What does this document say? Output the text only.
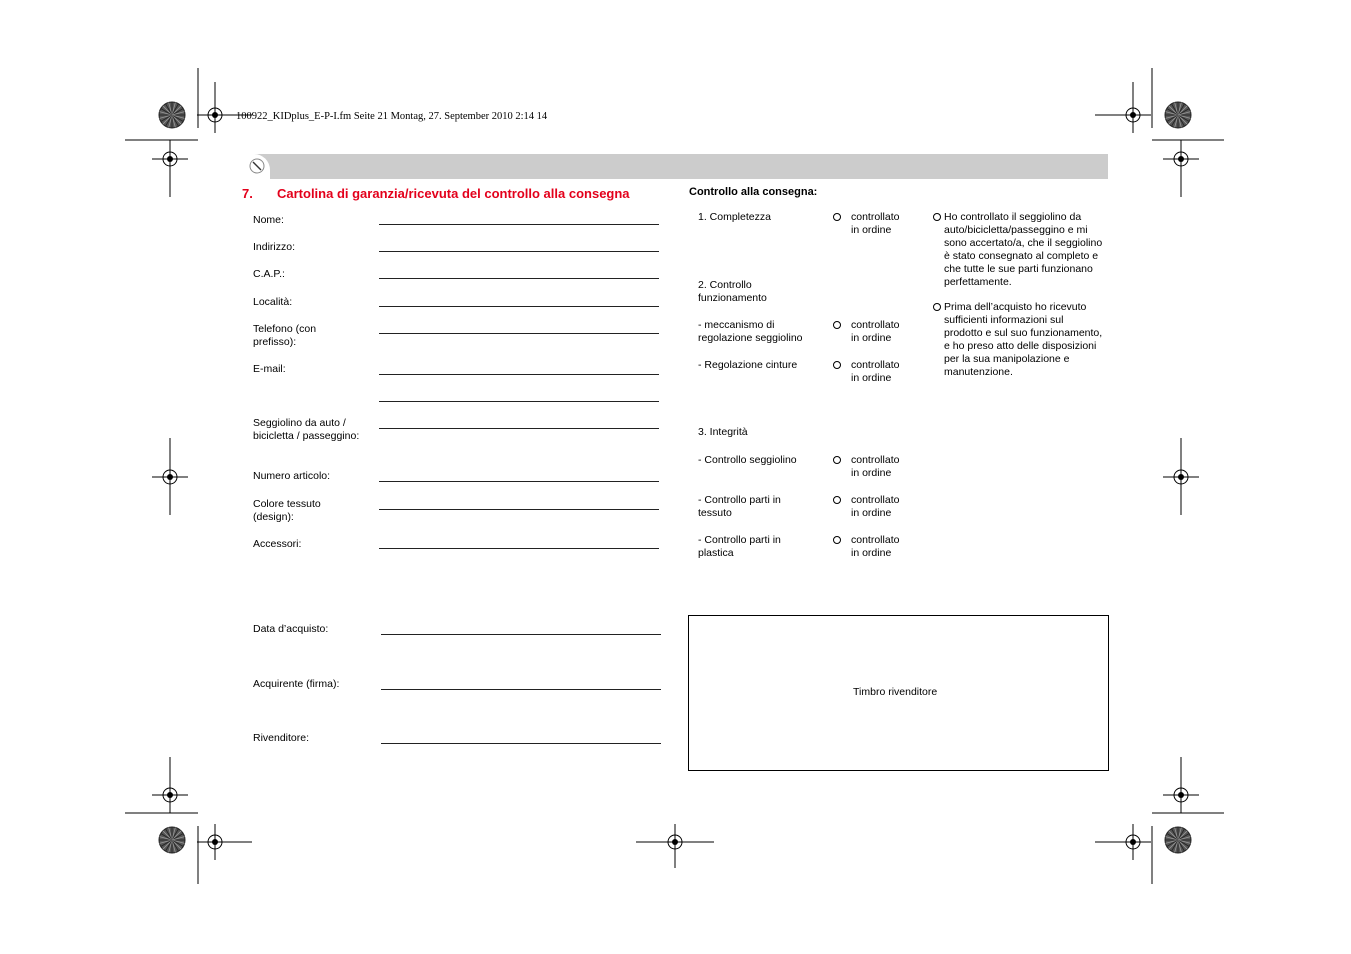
100922_KIDplus_E-P-I.fm Seite 21 Montag, 27. September 2010 2:14 14
7. Cartolina di garanzia/ricevuta del controllo alla consegna
Nome:
Indirizzo:
C.A.P.:
Località:
Telefono (con prefisso):
E-mail:
Seggiolino da auto / bicicletta / passeggino:
Numero articolo:
Colore tessuto (design):
Accessori:
Data d’acquisto:
Acquirente (firma):
Rivenditore:
Controllo alla consegna:
1. Completezza
2. Controllo funzionamento
- meccanismo di regolazione seggiolino
- Regolazione cinture
3. Integrità
- Controllo seggiolino
- Controllo parti in tessuto
- Controllo parti in plastica
controllato
in ordine
controllato
in ordine
controllato
in ordine
controllato
in ordine
controllato
in ordine
controllato
in ordine
Ho controllato il seggiolino da auto/bicicletta/passeggino e mi sono accertato/a, che il seggiolino è stato consegnato al completo e che tutte le sue parti funzionano perfettamente.
Prima dell’acquisto ho ricevuto sufficienti informazioni sul prodotto e sul suo funzionamento, e ho preso atto delle disposizioni per la sua manipolazione e manutenzione.
Timbro rivenditore
